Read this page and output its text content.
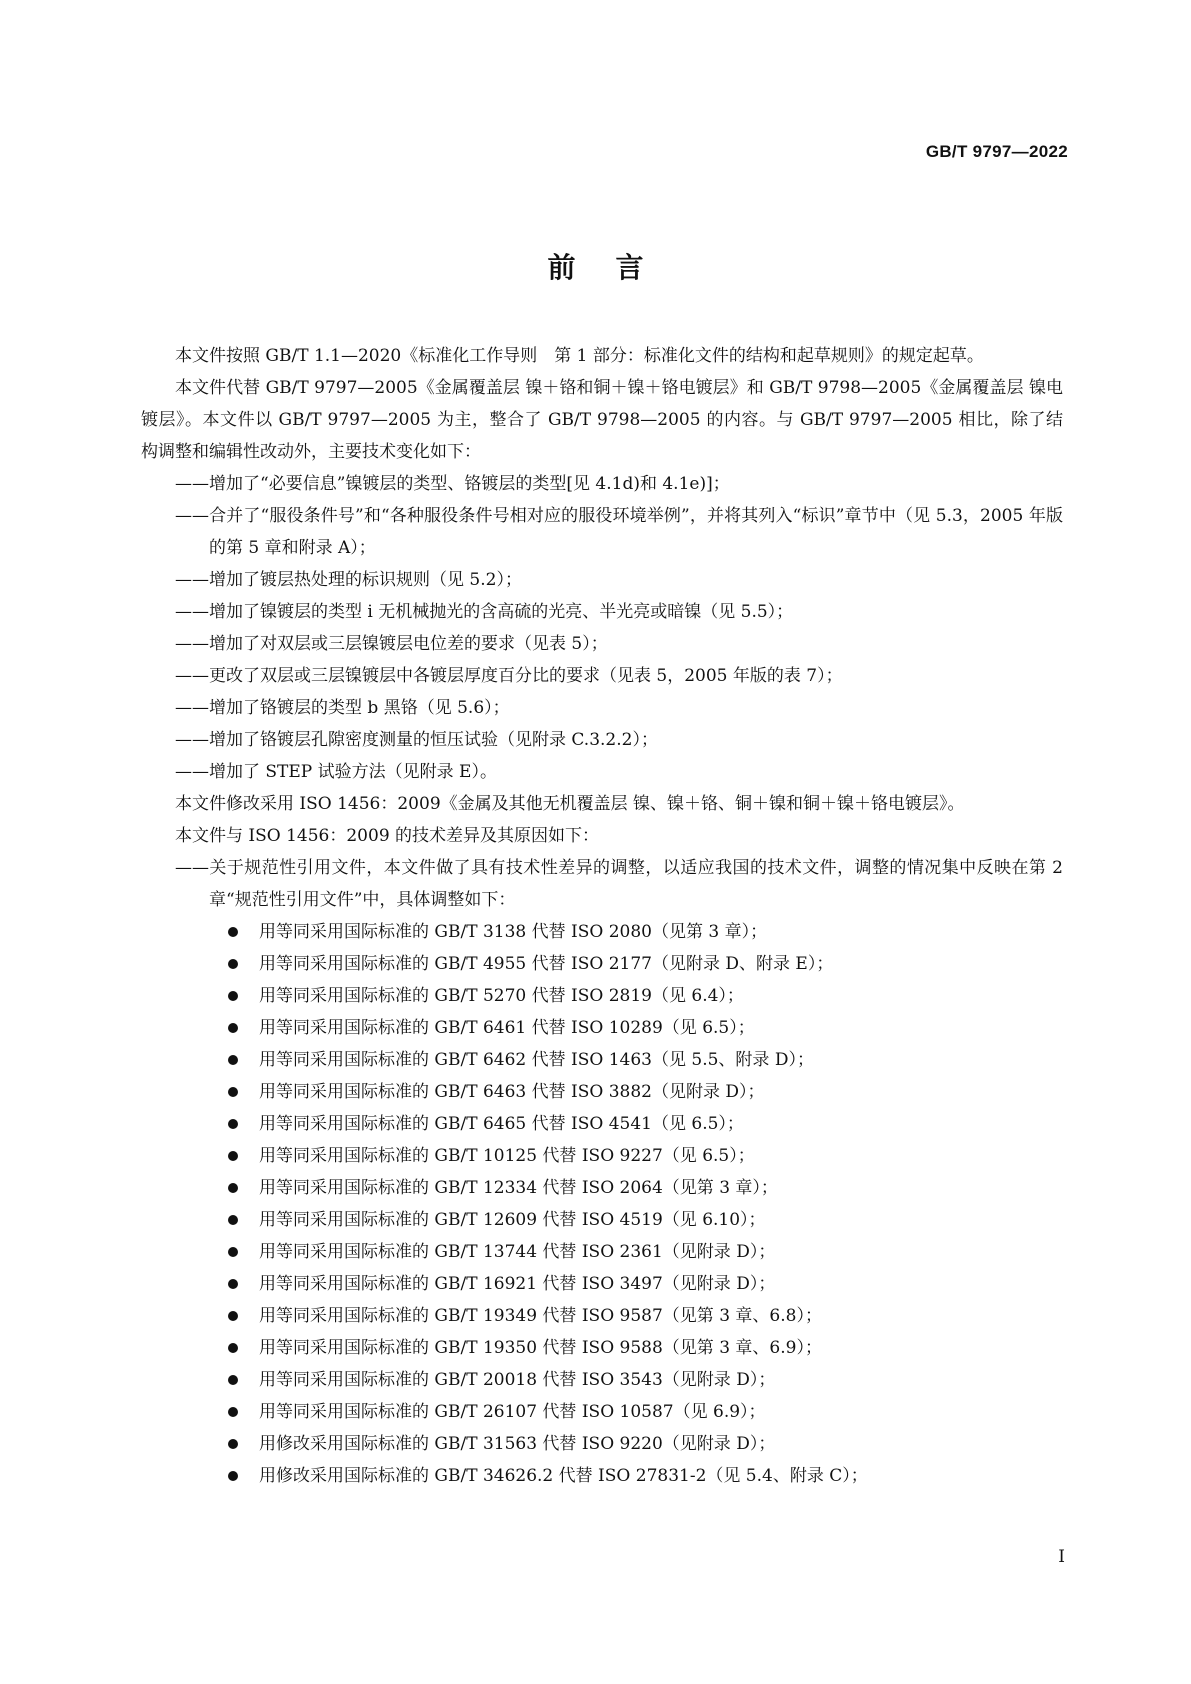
GB/T 9797—2022
前言

本文件按照 GB/T 1.1—2020《标准化工作导则　第 1 部分：标准化文件的结构和起草规则》的规定起草。

本文件代替 GB/T 9797—2005《金属覆盖层 镍＋铬和铜＋镍＋铬电镀层》和 GB/T 9798—2005《金属覆盖层 镍电镀层》。本文件以 GB/T 9797—2005 为主，整合了 GB/T 9798—2005 的内容。与 GB/T 9797—2005 相比，除了结构调整和编辑性改动外，主要技术变化如下：

——增加了“必要信息”镍镀层的类型、铬镀层的类型[见 4.1d)和 4.1e)]；

——合并了“服役条件号”和“各种服役条件号相对应的服役环境举例”，并将其列入“标识”章节中（见 5.3，2005 年版的第 5 章和附录 A）；

——增加了镀层热处理的标识规则（见 5.2）；

——增加了镍镀层的类型 i 无机械抛光的含高硫的光亮、半光亮或暗镍（见 5.5）；

——增加了对双层或三层镍镀层电位差的要求（见表 5）；

——更改了双层或三层镍镀层中各镀层厚度百分比的要求（见表 5，2005 年版的表 7）；

——增加了铬镀层的类型 b 黑铬（见 5.6）；

——增加了铬镀层孔隙密度测量的恒压试验（见附录 C.3.2.2）；

——增加了 STEP 试验方法（见附录 E）。

本文件修改采用 ISO 1456：2009《金属及其他无机覆盖层 镍、镍＋铬、铜＋镍和铜＋镍＋铬电镀层》。

本文件与 ISO 1456：2009 的技术差异及其原因如下：

——关于规范性引用文件，本文件做了具有技术性差异的调整，以适应我国的技术文件，调整的情况集中反映在第 2 章“规范性引用文件”中，具体调整如下：

用等同采用国际标准的 GB/T 3138 代替 ISO 2080（见第 3 章）；
用等同采用国际标准的 GB/T 4955 代替 ISO 2177（见附录 D、附录 E）；
用等同采用国际标准的 GB/T 5270 代替 ISO 2819（见 6.4）；
用等同采用国际标准的 GB/T 6461 代替 ISO 10289（见 6.5）；
用等同采用国际标准的 GB/T 6462 代替 ISO 1463（见 5.5、附录 D）；
用等同采用国际标准的 GB/T 6463 代替 ISO 3882（见附录 D）；
用等同采用国际标准的 GB/T 6465 代替 ISO 4541（见 6.5）；
用等同采用国际标准的 GB/T 10125 代替 ISO 9227（见 6.5）；
用等同采用国际标准的 GB/T 12334 代替 ISO 2064（见第 3 章）；
用等同采用国际标准的 GB/T 12609 代替 ISO 4519（见 6.10）；
用等同采用国际标准的 GB/T 13744 代替 ISO 2361（见附录 D）；
用等同采用国际标准的 GB/T 16921 代替 ISO 3497（见附录 D）；
用等同采用国际标准的 GB/T 19349 代替 ISO 9587（见第 3 章、6.8）；
用等同采用国际标准的 GB/T 19350 代替 ISO 9588（见第 3 章、6.9）；
用等同采用国际标准的 GB/T 20018 代替 ISO 3543（见附录 D）；
用等同采用国际标准的 GB/T 26107 代替 ISO 10587（见 6.9）；
用修改采用国际标准的 GB/T 31563 代替 ISO 9220（见附录 D）；
用修改采用国际标准的 GB/T 34626.2 代替 ISO 27831-2（见 5.4、附录 C）；
Ⅰ
